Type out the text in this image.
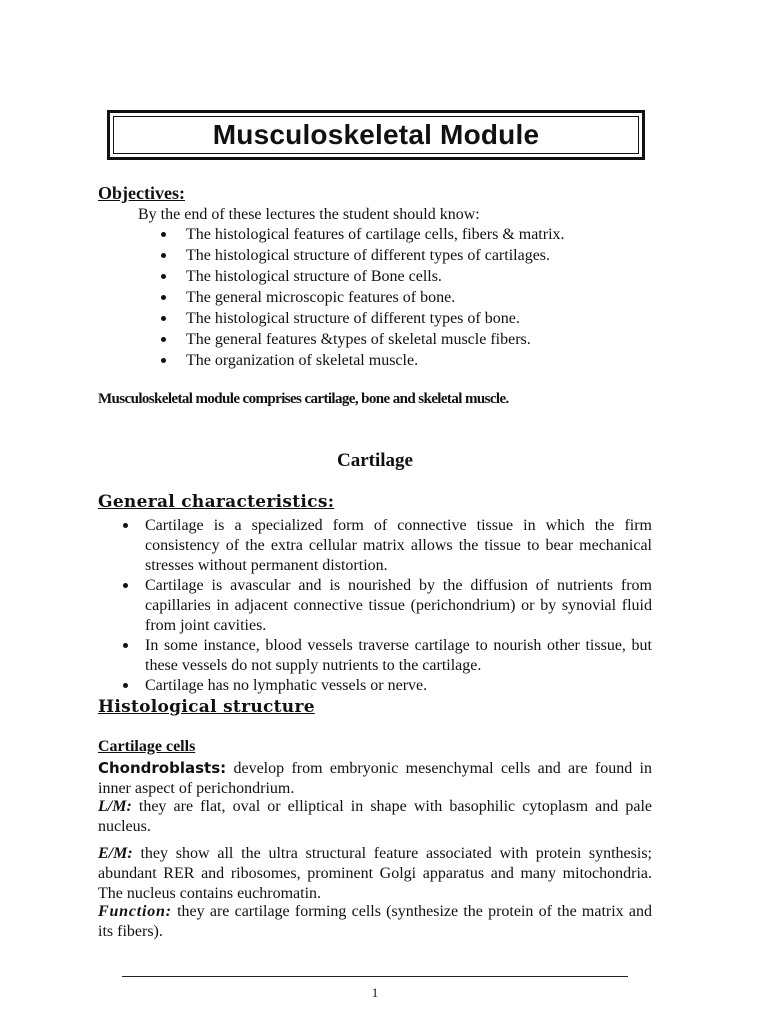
Musculoskeletal Module
Objectives:
By the end of these lectures the student should know:
The histological features of cartilage cells, fibers & matrix.
The histological structure of different types of cartilages.
The histological structure of Bone cells.
The general microscopic features of bone.
The histological structure of different types of bone.
The general features &types of skeletal muscle fibers.
The organization of skeletal muscle.
Musculoskeletal module comprises cartilage, bone and skeletal muscle.
Cartilage
General characteristics:
Cartilage is a specialized form of connective tissue in which the firm consistency of the extra cellular matrix allows the tissue to bear mechanical stresses without permanent distortion.
Cartilage is avascular and is nourished by the diffusion of nutrients from capillaries in adjacent connective tissue (perichondrium) or by synovial fluid from joint cavities.
In some instance, blood vessels traverse cartilage to nourish other tissue, but these vessels do not supply nutrients to the cartilage.
Cartilage has no lymphatic vessels or nerve.
Histological structure
Cartilage cells
Chondroblasts: develop from embryonic mesenchymal cells and are found in inner aspect of perichondrium.
L/M: they are flat, oval or elliptical in shape with basophilic cytoplasm and pale nucleus.
E/M: they show all the ultra structural feature associated with protein synthesis; abundant RER and ribosomes, prominent Golgi apparatus and many mitochondria. The nucleus contains euchromatin.
Function: they are cartilage forming cells (synthesize the protein of the matrix and its fibers).
1
